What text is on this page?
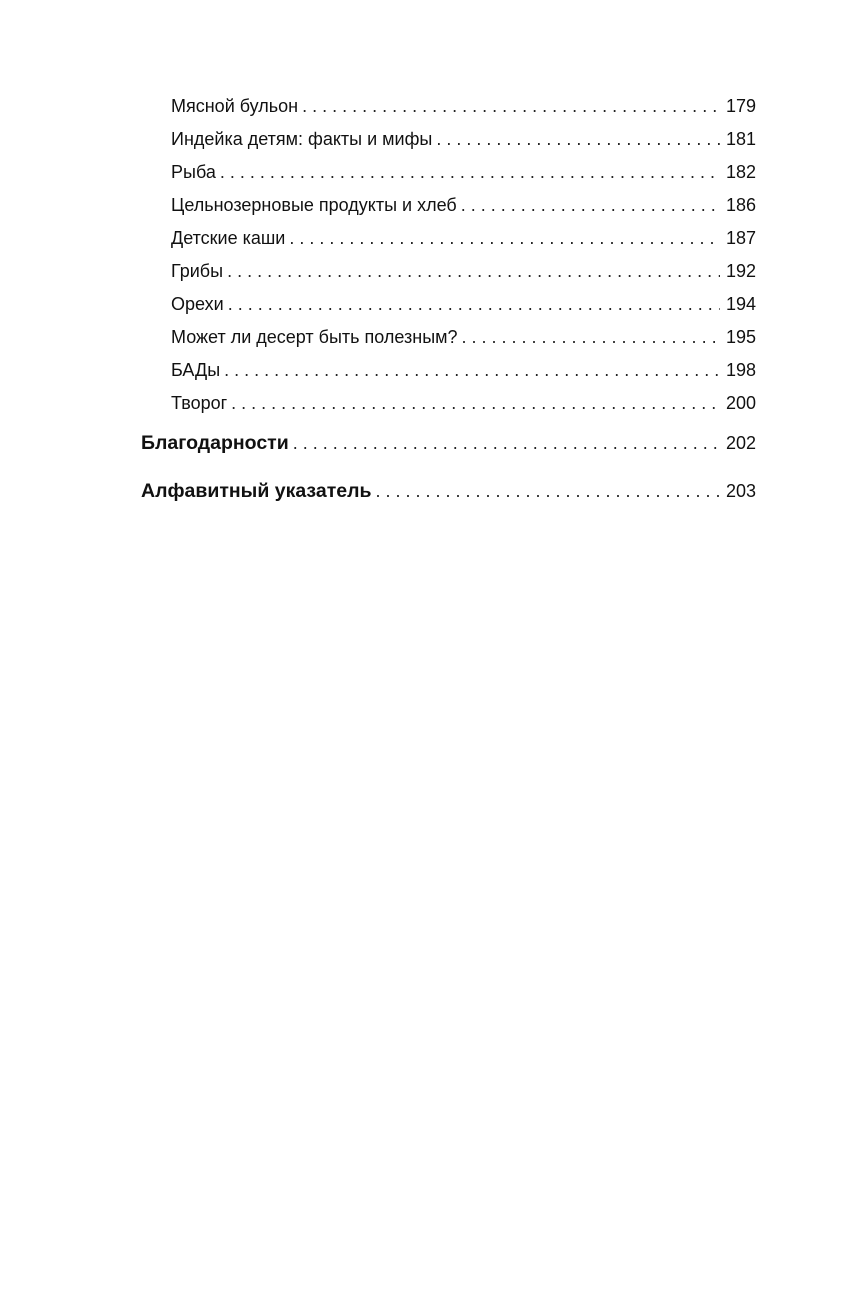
Мясной бульон . . .	179
Индейка детям: факты и мифы . . .	181
Рыба . . .	182
Цельнозерновые продукты и хлеб . . .	186
Детские каши . . .	187
Грибы . . .	192
Орехи . . .	194
Может ли десерт быть полезным? . . .	195
БАДы . . .	198
Творог . . .	200
Благодарности . . .	202
Алфавитный указатель . . .	203
